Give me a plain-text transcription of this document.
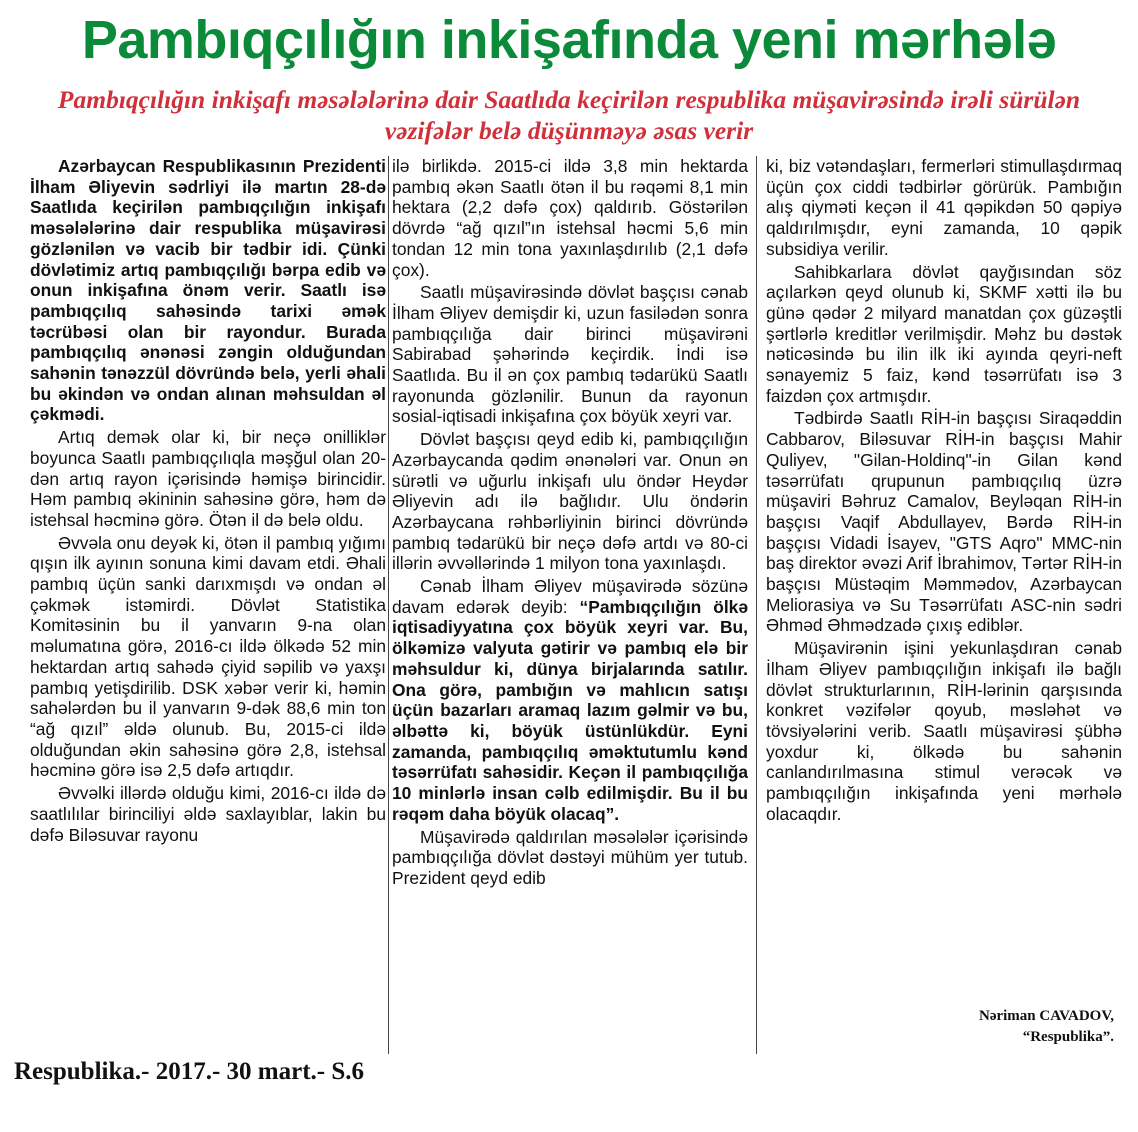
Pambıqçılığın inkişafında yeni mərhələ
Pambıqçılığın inkişafı məsələlərinə dair Saatlıda keçirilən respublika müşavirəsində irəli sürülən vəzifələr belə düşünməyə əsas verir

Azərbaycan Respublikasının Prezidenti İlham Əliyevin sədrliyi ilə martın 28-də Saatlıda keçirilən pambıqçılığın inkişafı məsələlərinə dair respublika müşavirəsi gözlənilən və vacib bir tədbir idi. Çünki dövlətimiz artıq pambıqçılığı bərpa edib və onun inkişafına önəm verir. Saatlı isə pambıqçılıq sahəsində tarixi əmək təcrübəsi olan bir rayondur. Burada pambıqçılıq ənənəsi zəngin olduğundan sahənin tənəzzül dövründə belə, yerli əhali bu əkindən və ondan alınan məhsuldan əl çəkmədi.

Artıq demək olar ki, bir neçə onilliklər boyunca Saatlı pambıqçılıqla məşğul olan 20-dən artıq rayon içərisində həmişə birincidir. Həm pambıq əkininin sahəsinə görə, həm də istehsal həcminə görə. Ötən il də belə oldu.

Əvvəla onu deyək ki, ötən il pambıq yığımı qışın ilk ayının sonuna kimi davam etdi. Əhali pambıq üçün sanki darıxmışdı və ondan əl çəkmək istəmirdi. Dövlət Statistika Komitəsinin bu il yanvarın 9-na olan məlumatına görə, 2016-cı ildə ölkədə 52 min hektardan artıq sahədə çiyid səpilib və yaxşı pambıq yetişdirilib. DSK xəbər verir ki, həmin sahələrdən bu il yanvarın 9-dək 88,6 min ton “ağ qızıl” əldə olunub. Bu, 2015-ci ildə olduğundan əkin sahəsinə görə 2,8, istehsal həcminə görə isə 2,5 dəfə artıqdır.

Əvvəlki illərdə olduğu kimi, 2016-cı ildə də saatlılılar birinciliyi əldə saxlayıblar, lakin bu dəfə Biləsuvar rayonu

ilə birlikdə. 2015-ci ildə 3,8 min hektarda pambıq əkən Saatlı ötən il bu rəqəmi 8,1 min hektara (2,2 dəfə çox) qaldırıb. Göstərilən dövrdə “ağ qızıl”ın istehsal həcmi 5,6 min tondan 12 min tona yaxınlaşdırılıb (2,1 dəfə çox).

Saatlı müşavirəsində dövlət başçısı cənab İlham Əliyev demişdir ki, uzun fasilədən sonra pambıqçılığa dair birinci müşavirəni Sabirabad şəhərində keçirdik. İndi isə Saatlıda. Bu il ən çox pambıq tədarükü Saatlı rayonunda gözlənilir. Bunun da rayonun sosial-iqtisadi inkişafına çox böyük xeyri var.

Dövlət başçısı qeyd edib ki, pambıqçılığın Azərbaycanda qədim ənənələri var. Onun ən sürətli və uğurlu inkişafı ulu öndər Heydər Əliyevin adı ilə bağlıdır. Ulu öndərin Azərbaycana rəhbərliyinin birinci dövründə pambıq tədarükü bir neçə dəfə artdı və 80-ci illərin əvvəllərində 1 milyon tona yaxınlaşdı.

Cənab İlham Əliyev müşavirədə sözünə davam edərək deyib: “Pambıqçılığın ölkə iqtisadiyyatına çox böyük xeyri var. Bu, ölkəmizə valyuta gətirir və pambıq elə bir məhsuldur ki, dünya birjalarında satılır. Ona görə, pambığın və mahlıcın satışı üçün bazarları aramaq lazım gəlmir və bu, əlbəttə ki, böyük üstünlükdür. Eyni zamanda, pambıqçılıq əməktutumlu kənd təsərrüfatı sahəsidir. Keçən il pambıqçılığa 10 minlərlə insan cəlb edilmişdir. Bu il bu rəqəm daha böyük olacaq”.

Müşavirədə qaldırılan məsələlər içərisində pambıqçılığa dövlət dəstəyi mühüm yer tutub. Prezident qeyd edib

ki, biz vətəndaşları, fermerləri stimullaşdırmaq üçün çox ciddi tədbirlər görürük. Pambığın alış qiyməti keçən il 41 qəpikdən 50 qəpiyə qaldırılmışdır, eyni zamanda, 10 qəpik subsidiya verilir.

Sahibkarlara dövlət qayğısından söz açılarkən qeyd olunub ki, SKMF xətti ilə bu günə qədər 2 milyard manatdan çox güzəştli şərtlərlə kreditlər verilmişdir. Məhz bu dəstək nəticəsində bu ilin ilk iki ayında qeyri-neft sənayemiz 5 faiz, kənd təsərrüfatı isə 3 faizdən çox artmışdır.

Tədbirdə Saatlı RİH-in başçısı Siraqəddin Cabbarov, Biləsuvar RİH-in başçısı Mahir Quliyev, "Gilan-Holdinq"-in Gilan kənd təsərrüfatı qrupunun pambıqçılıq üzrə müşaviri Bəhruz Camalov, Beyləqan RİH-in başçısı Vaqif Abdullayev, Bərdə RİH-in başçısı Vidadi İsayev, "GTS Aqro" MMC-nin baş direktor əvəzi Arif İbrahimov, Tərtər RİH-in başçısı Müstəqim Məmmədov, Azərbaycan Meliorasiya və Su Təsərrüfatı ASC-nin sədri Əhməd Əhmədzadə çıxış ediblər.

Müşavirənin işini yekunlaşdıran cənab İlham Əliyev pambıqçılığın inkişafı ilə bağlı dövlət strukturlarının, RİH-lərinin qarşısında konkret vəzifələr qoyub, məsləhət və tövsiyələrini verib. Saatlı müşavirəsi şübhə yoxdur ki, ölkədə bu sahənin canlandırılmasına stimul verəcək və pambıqçılığın inkişafında yeni mərhələ olacaqdır.

Nəriman CAVADOV,
“Respublika”.
Respublika.- 2017.- 30 mart.- S.6
